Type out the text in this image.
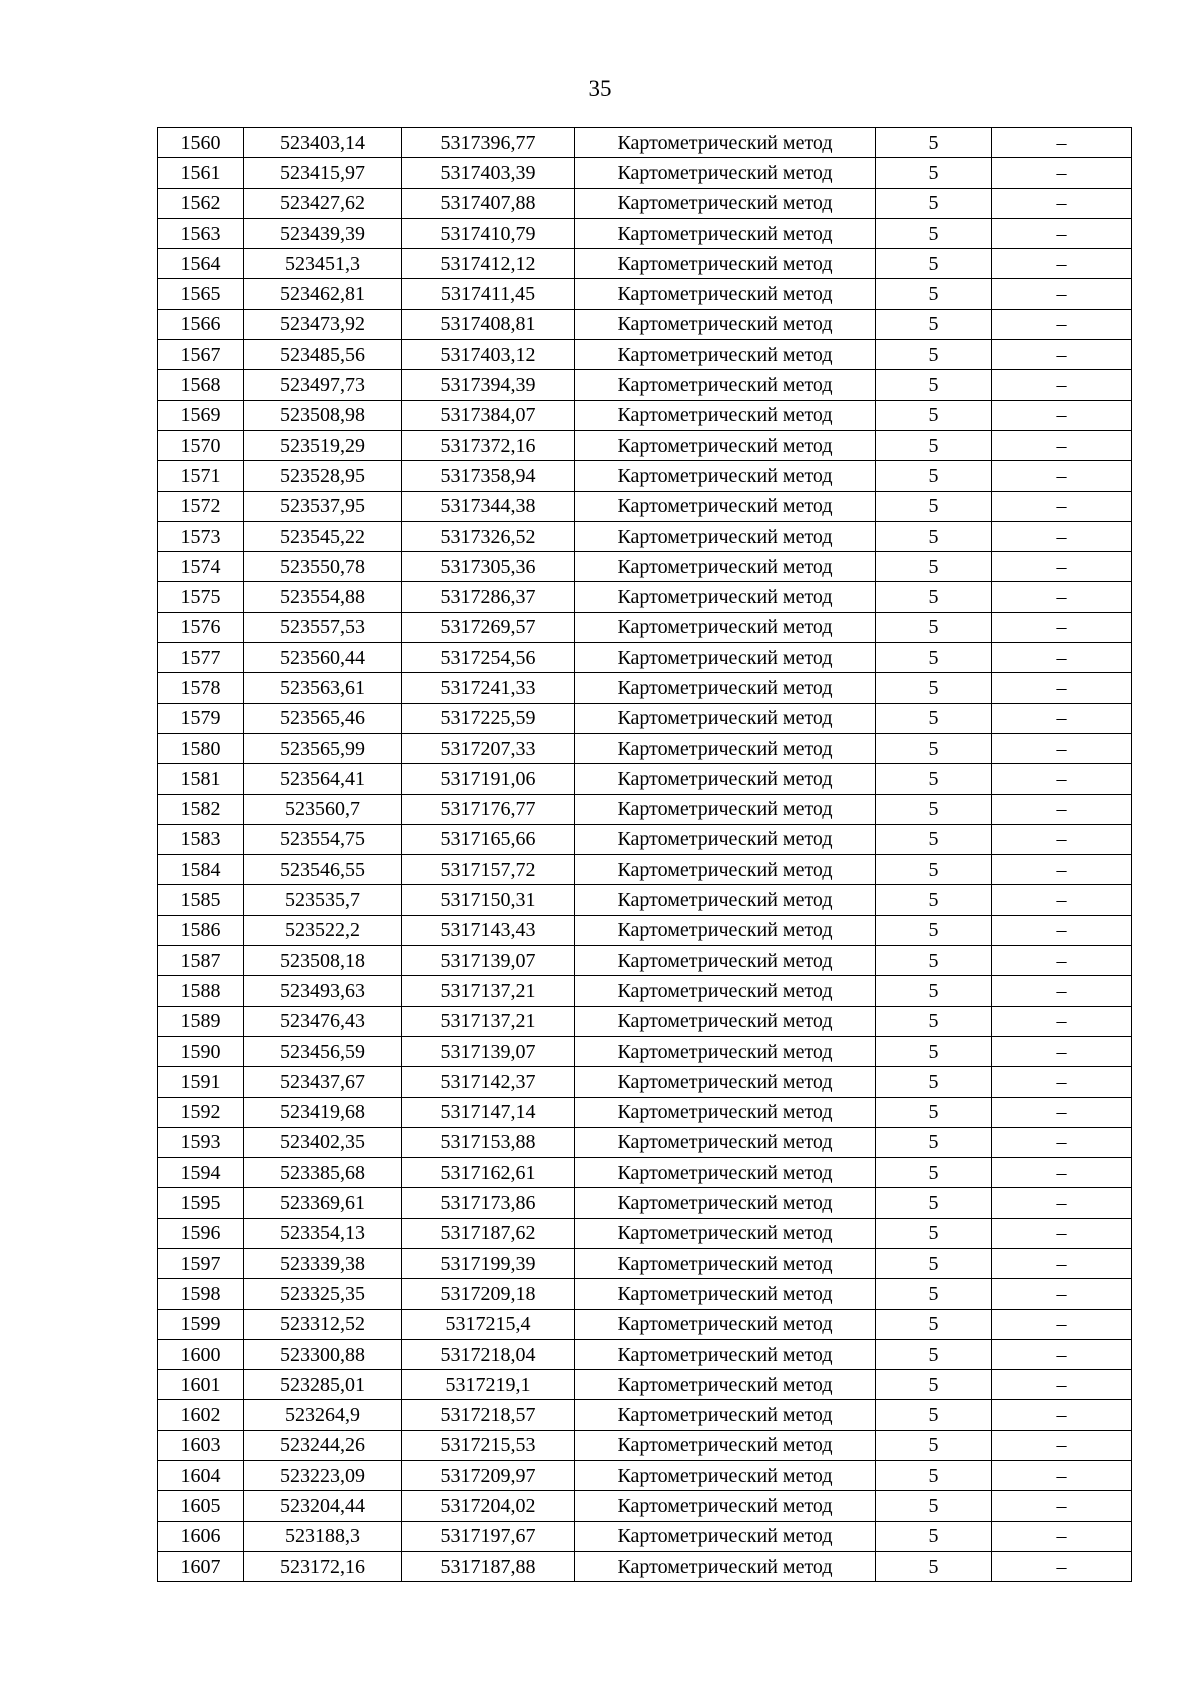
35
1560	523403,14	5317396,77	Картометрический метод	5	–
1561	523415,97	5317403,39	Картометрический метод	5	–
1562	523427,62	5317407,88	Картометрический метод	5	–
1563	523439,39	5317410,79	Картометрический метод	5	–
1564	523451,3	5317412,12	Картометрический метод	5	–
1565	523462,81	5317411,45	Картометрический метод	5	–
1566	523473,92	5317408,81	Картометрический метод	5	–
1567	523485,56	5317403,12	Картометрический метод	5	–
1568	523497,73	5317394,39	Картометрический метод	5	–
1569	523508,98	5317384,07	Картометрический метод	5	–
1570	523519,29	5317372,16	Картометрический метод	5	–
1571	523528,95	5317358,94	Картометрический метод	5	–
1572	523537,95	5317344,38	Картометрический метод	5	–
1573	523545,22	5317326,52	Картометрический метод	5	–
1574	523550,78	5317305,36	Картометрический метод	5	–
1575	523554,88	5317286,37	Картометрический метод	5	–
1576	523557,53	5317269,57	Картометрический метод	5	–
1577	523560,44	5317254,56	Картометрический метод	5	–
1578	523563,61	5317241,33	Картометрический метод	5	–
1579	523565,46	5317225,59	Картометрический метод	5	–
1580	523565,99	5317207,33	Картометрический метод	5	–
1581	523564,41	5317191,06	Картометрический метод	5	–
1582	523560,7	5317176,77	Картометрический метод	5	–
1583	523554,75	5317165,66	Картометрический метод	5	–
1584	523546,55	5317157,72	Картометрический метод	5	–
1585	523535,7	5317150,31	Картометрический метод	5	–
1586	523522,2	5317143,43	Картометрический метод	5	–
1587	523508,18	5317139,07	Картометрический метод	5	–
1588	523493,63	5317137,21	Картометрический метод	5	–
1589	523476,43	5317137,21	Картометрический метод	5	–
1590	523456,59	5317139,07	Картометрический метод	5	–
1591	523437,67	5317142,37	Картометрический метод	5	–
1592	523419,68	5317147,14	Картометрический метод	5	–
1593	523402,35	5317153,88	Картометрический метод	5	–
1594	523385,68	5317162,61	Картометрический метод	5	–
1595	523369,61	5317173,86	Картометрический метод	5	–
1596	523354,13	5317187,62	Картометрический метод	5	–
1597	523339,38	5317199,39	Картометрический метод	5	–
1598	523325,35	5317209,18	Картометрический метод	5	–
1599	523312,52	5317215,4	Картометрический метод	5	–
1600	523300,88	5317218,04	Картометрический метод	5	–
1601	523285,01	5317219,1	Картометрический метод	5	–
1602	523264,9	5317218,57	Картометрический метод	5	–
1603	523244,26	5317215,53	Картометрический метод	5	–
1604	523223,09	5317209,97	Картометрический метод	5	–
1605	523204,44	5317204,02	Картометрический метод	5	–
1606	523188,3	5317197,67	Картометрический метод	5	–
1607	523172,16	5317187,88	Картометрический метод	5	–
